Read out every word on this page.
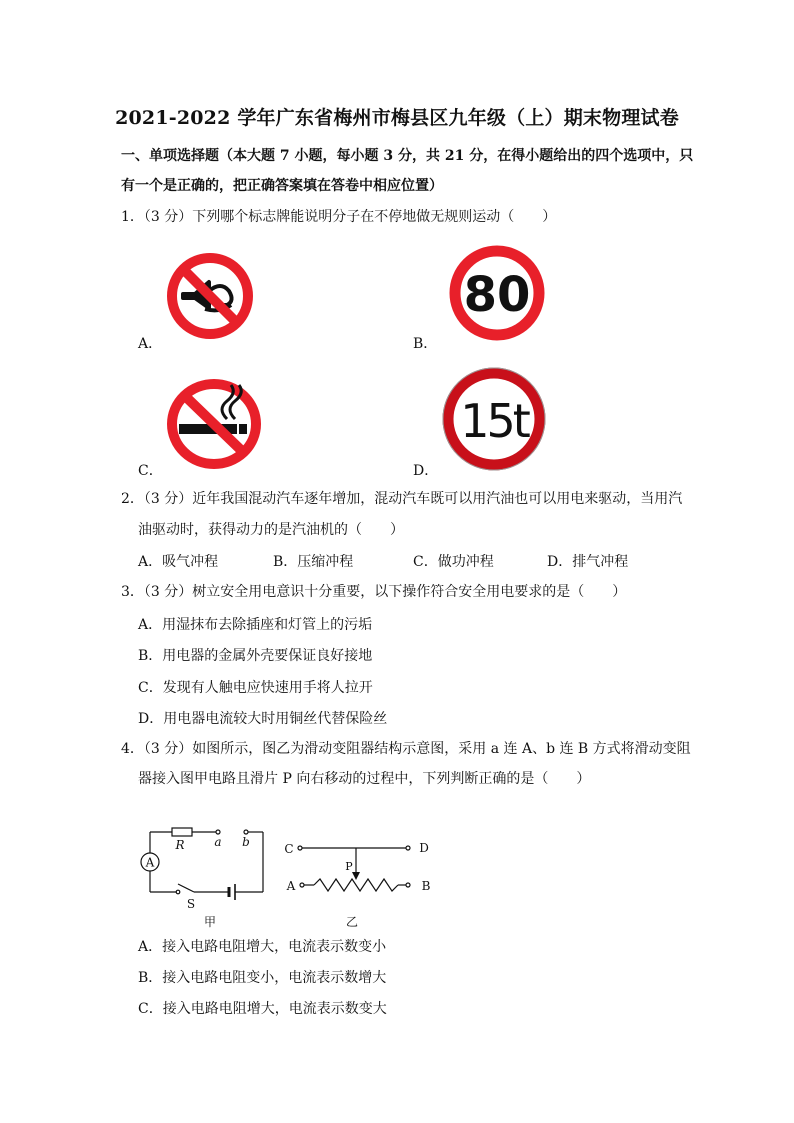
2021-2022 学年广东省梅州市梅县区九年级（上）期末物理试卷
一、单项选择题（本大题 7 小题，每小题 3 分，共 21 分，在得小题给出的四个选项中，只
有一个是正确的，把正确答案填在答卷中相应位置）
1．（3 分）下列哪个标志牌能说明分子在不停地做无规则运动（　　）
A．	B．
80
C．	D．
15t
2．（3 分）近年我国混动汽车逐年增加，混动汽车既可以用汽油也可以用电来驱动，当用汽
油驱动时，获得动力的是汽油机的（　　）
A．吸气冲程	B．压缩冲程	C．做功冲程	D．排气冲程
3．（3 分）树立安全用电意识十分重要，以下操作符合安全用电要求的是（　　）
A．用湿抹布去除插座和灯管上的污垢
B．用电器的金属外壳要保证良好接地
C．发现有人触电应快速用手将人拉开
D．用电器电流较大时用铜丝代替保险丝
4．（3 分）如图所示，图乙为滑动变阻器结构示意图，采用 a 连 A、b 连 B 方式将滑动变阻
器接入图甲电路且滑片 P 向右移动的过程中，下列判断正确的是（　　）
A
R a b
S
甲
C	D
A	B
P
乙
A．接入电路电阻增大，电流表示数变小
B．接入电路电阻变小，电流表示数增大
C．接入电路电阻增大，电流表示数变大
